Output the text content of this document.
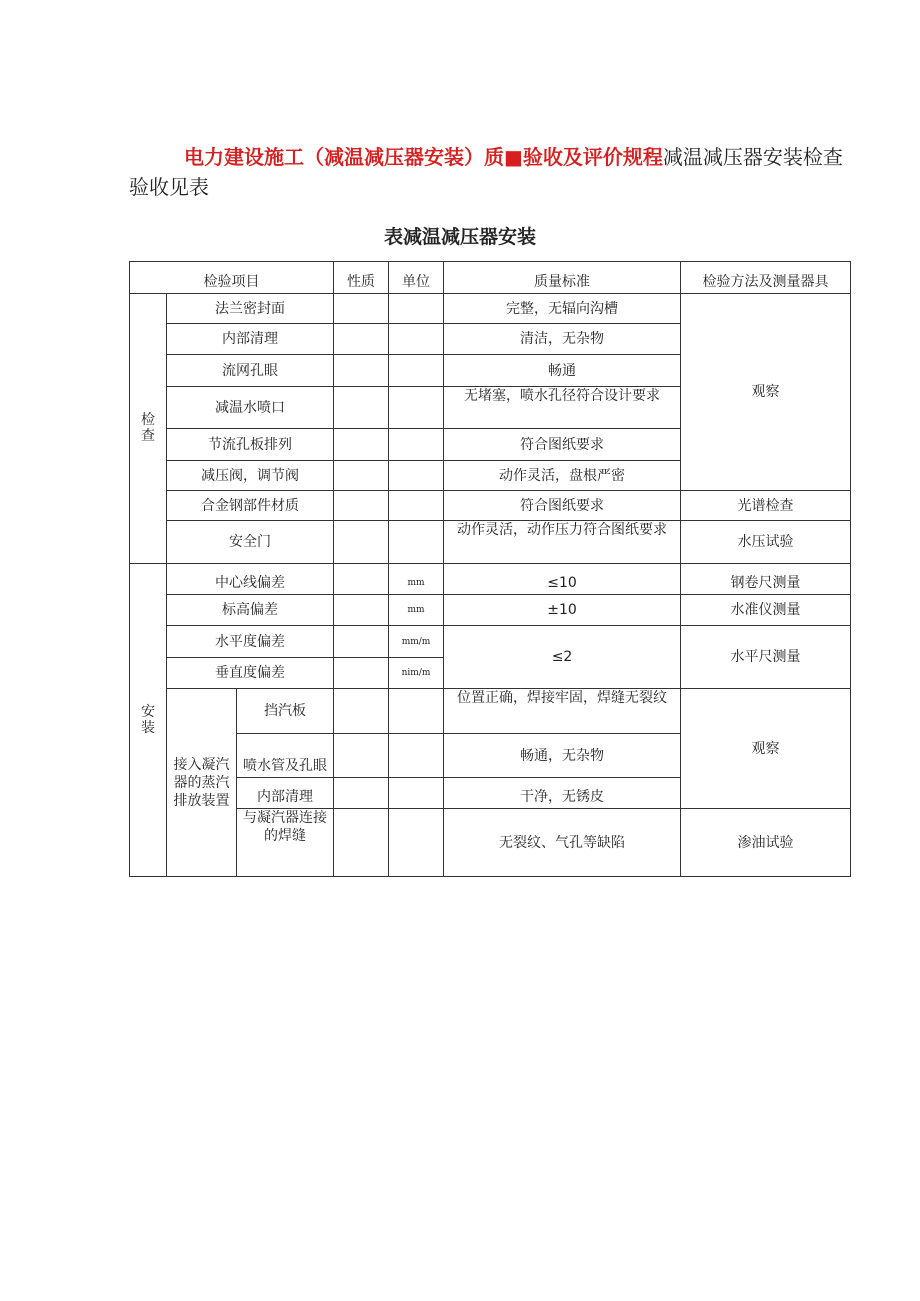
电力建设施工（减温减压器安装）质■验收及评价规程减温减压器安装检查验收见表
表减温减压器安装
检验项目			性质	单位	质量标准	检验方法及测量器具
检查	法兰密封面				完整，无辐向沟槽	观察
	内部清理				清洁，无杂物	
	流网孔眼				畅通	
	减温水喷口				无堵塞，喷水孔径符合设计要求	
	节流孔板排列				符合图纸要求	
	减压阀，调节阀				动作灵活，盘根严密	
	合金钢部件材质				符合图纸要求	光谱检查
	安全门				动作灵活，动作压力符合图纸要求	水压试验
安装	中心线偏差			mm	≤10	钢卷尺测量
	标高偏差			mm	±10	水准仪测量
	水平度偏差			mm/m	≤2	水平尺测量
	垂直度偏差			nim/m		
	接入凝汽器的蒸汽排放装置	挡汽板			位置正确，焊接牢固，焊缝无裂纹	观察
		喷水管及孔眼			畅通，无杂物	
		内部清理			干净，无锈皮	
		与凝汽器连接的焊缝			无裂纹、气孔等缺陷	渗油试验
